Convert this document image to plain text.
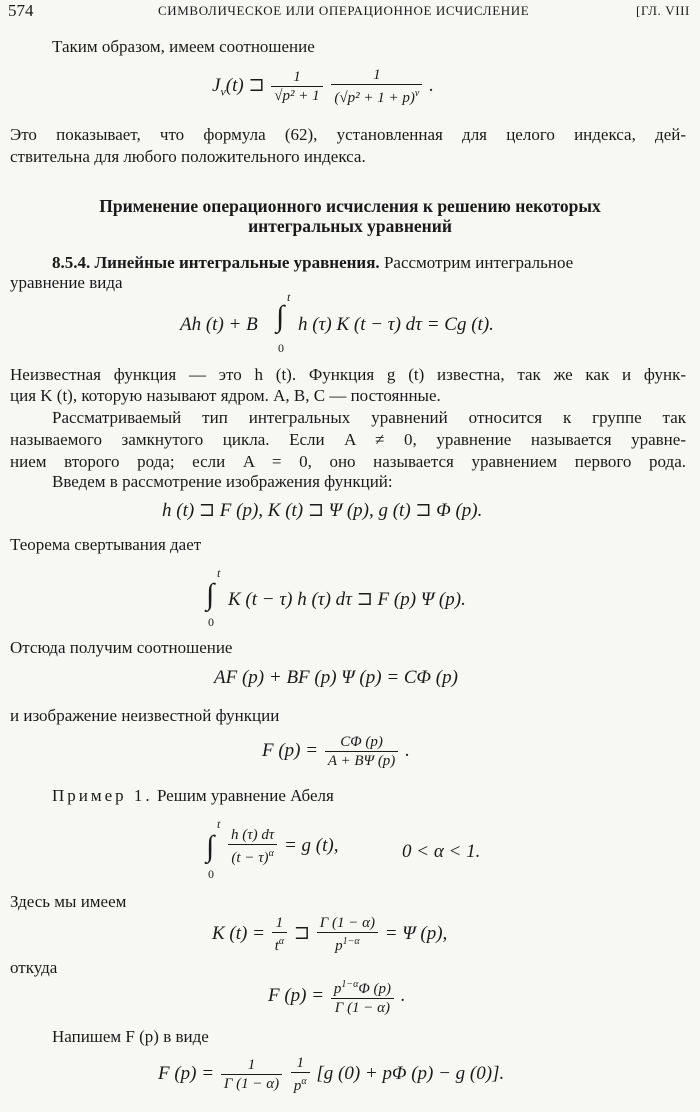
574	СИМВОЛИЧЕСКОЕ ИЛИ ОПЕРАЦИОННОЕ ИСЧИСЛЕНИЕ	[ГЛ. VIII
Таким образом, имеем соотношение
$J_\nu(t)$ ⊐ $\frac{1}{\text{√p² + 1}}$
$\frac{1}{(√p^2 + 1 + p)^\nu}$ .
Это показывает, что формула (62), установленная для целого индекса, дей-
ствительна для любого положительного индекса.
Применение операционного исчисления к решению некоторых
интегральных уравнений
8.5.4. Линейные интегральные уравнения. Рассмотрим интегральное
уравнение вида
Ah (t) + B ∫
t
0
h (τ) K (t − τ) dτ = Cg (t).
Неизвестная функция — это h (t). Функция g (t) известна, так же как и функ-
ция K (t), которую называют ядром. A, B, C — постоянные.
Рассматриваемый тип интегральных уравнений относится к группе так
называемого замкнутого цикла. Если A ≠ 0, уравнение называется уравне-
нием второго рода; если A = 0, оно называется уравнением первого рода.
Введем в рассмотрение изображения функций:
h (t) ⊐ F (p), K (t) ⊐ Ψ (p), g (t) ⊐ Φ (p).
Теорема свертывания дает
∫
t
0
K (t − τ) h (τ) dτ ⊐ F (p) Ψ (p).
Отсюда получим соотношение
AF (p) + BF (p) Ψ (p) = CΦ (p)
и изображение неизвестной функции
F $(p) = \frac{C\Phi (p)}{A + B\Psi (p)}$ .
Пример 1. Решим уравнение Абеля
∫
t
0
$\frac{h (\tau) d\tau}{(t - \tau)^\alpha} = g$ (t),	0 < α < 1.
Здесь мы имеем
K $(t) = \frac{1}{t^\alpha}$ ⊐ $\frac{\Gamma (1 - \alpha)}{p^{1-\alpha}} = \Psi$ (p),
откуда
F $(p) = \frac{p^{1-\alpha}\Phi (p)}{\Gamma (1 - \alpha)}$ .
Напишем F (p) в виде
F $(p) = \frac{1}{\Gamma (1 - \alpha)}$
$\frac{1}{p^\alpha} [g$ (0) + pΦ (p) − g (0)].
